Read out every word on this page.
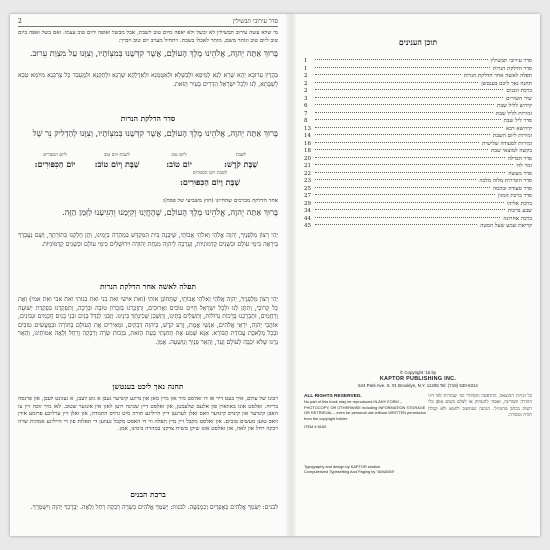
2	סדר עירובי תבשילין
מי שלא עשה עירוב תבשילין לא יבשל ולא יאפה מיום טוב לשבת, אבל מבשל ואופה ליום טוב עצמו. ואם בשל ואפה ביום טוב ליום טוב ונותר משם, מותר לאכלו בשבת. ויתחיל מערב יום טוב ויברך:
בָּרוּךְ אַתָּה יְהוָה, אֱלֹהֵינוּ מֶלֶךְ הָעוֹלָם, אֲשֶׁר קִדְּשָׁנוּ בְּמִצְוֹתָיו, וְצִוָּנוּ עַל מִצְוַת עֵרוּב.
בַּהֲדֵין עֵרוּבָא יְהֵא שָׁרֵא לַנָא לְמֵיפֵא וּלְבַשָּׁלָא וּלְאַטְמָנָא וּלְאַדְלָקָא שְׁרָגָא וּלְתַקָּנָא וּלְמֶעְבַּד כָּל צָרְכָּנָא מִיּוֹמָא טָבָא לְשַׁבְּתָא, לָנוּ וּלְכָל יִשְׂרָאֵל הַדָּרִים בָּעִיר הַזֹּאת.
סדר הדלקת הנרות
בָּרוּךְ אַתָּה יְהוָה, אֱלֹהֵינוּ מֶלֶךְ הָעוֹלָם, אֲשֶׁר קִדְּשָׁנוּ בְּמִצְוֹתָיו, וְצִוָּנוּ לְהַדְלִיק נֵר שֶׁל
לשבת
ליום טוב
לשבת ויום טוב
ליום הכפורים
שַׁבָּת קֹדֶשׁ:
יוֹם טוֹב:
שַׁבָּת וְיוֹם טוֹב:
יוֹם הַכִּפּוּרִים:
לשבת ויום הכפורים
שַׁבָּת וְיוֹם הַכִּפּוּרִים:
אחר הדלקה מברכים שהחיינו (חוץ משביעי של פסח):
בָּרוּךְ אַתָּה יְהוָה, אֱלֹהֵינוּ מֶלֶךְ הָעוֹלָם, שֶׁהֶחֱיָנוּ וְקִיְּמָנוּ וְהִגִּיעָנוּ לַזְּמַן הַזֶּה.
יְהִי רָצוֹן מִלְּפָנֶיךָ, יְהוָה אֱלֹהַי וֵאלֹהֵי אֲבוֹתַי, שֶׁיִּבָּנֶה בֵּית הַמִּקְדָּשׁ בִּמְהֵרָה בְיָמֵינוּ, וְתֵן חֶלְקֵנוּ בְּתוֹרָתֶךָ, וְשָׁם נַעֲבָדְךָ בְּיִרְאָה כִּימֵי עוֹלָם וּכְשָׁנִים קַדְמוֹנִיּוֹת, וְעָרְבָה לַיהוָה מִנְחַת יְהוּדָה וִירוּשָׁלָיִם כִּימֵי עוֹלָם וּכְשָׁנִים קַדְמוֹנִיּוֹת.
תפלה לאשה אחר הדלקת הנרות
יְהִי רָצוֹן מִלְּפָנֶיךָ, יְהוָה אֱלֹהַי וֵאלֹהֵי אֲבוֹתַי, שֶׁתְּחוֹנֵן אוֹתִי (ואת אישי ואת בני ואת בנותי ואת אבי ואת אמי) וְאֶת כָּל קְרוֹבַי, וְתִתֶּן לָנוּ וּלְכָל יִשְׂרָאֵל חַיִּים טוֹבִים וַאֲרוּכִים, וְתִזְכְּרֵנוּ בְּזִכְרוֹן טוֹבָה וּבְרָכָה, וְתִפְקְדֵנוּ בִּפְקֻדַּת יְשׁוּעָה וְרַחֲמִים, וּתְבָרְכֵנוּ בְּרָכוֹת גְּדוֹלוֹת, וְתַשְׁלִים בָּתֵּינוּ, וְתַשְׁכֵּן שְׁכִינָתְךָ בֵּינֵינוּ. וְזַכֵּנִי לְגַדֵּל בָּנִים וּבְנֵי בָנִים חֲכָמִים וּנְבוֹנִים, אוֹהֲבֵי יְהוָה, יִרְאֵי אֱלֹהִים, אַנְשֵׁי אֱמֶת, זֶרַע קֹדֶשׁ, בַּיהוָה דְּבֵקִים, וּמְאִירִים אֶת הָעוֹלָם בַּתּוֹרָה וּבְמַעֲשִׂים טוֹבִים וּבְכָל מְלֶאכֶת עֲבוֹדַת הַבּוֹרֵא. אָנָּא שְׁמַע אֶת תְּחִנָּתִי בָּעֵת הַזֹּאת, בִּזְכוּת שָׂרָה וְרִבְקָה וְרָחֵל וְלֵאָה אִמּוֹתֵינוּ, וְהָאֵר נֵרֵנוּ שֶׁלֹּא יִכְבֶּה לְעוֹלָם וָעֶד, וְהָאֵר פָּנֶיךָ וְנִוָּשֵׁעָה. אָמֵן.
תחנה נאך ליכט בענטשן
רבונו של עולם, איך בעט דיר אז דו זאלסט מיר און מיין מאן און מיינע קינדער געבן א גוט לעבן, א געזונט לעבן, און פרנסה בריוח. זאלסט אונז באווארן פון אלעם שלעכטן, און זאלסט דיין שכינה רוען לאזן אין אונזער שטוב. לאז מיך זוכה זיין צו האבן קינדער און קינדס קינדער וואס זאלן לערנען דיין הייליגע תורה מיט גרויס התמדה, און זאלן זיין ערליכע פרומע אידן וואס טוען מעשים טובים. און זאלסט מקבל זיין מיין תפלה ווי דו האסט מקבל געווען די תפלות פון די הייליגע אמהות שרה רבקה רחל און לאה, און זאלסט אונז שיקן משיח צדקנו במהרה בימינו, אמן.
ברכת הבנים
לבנים: יְשִׂמְךָ אֱלֹהִים כְּאֶפְרַיִם וְכִמְנַשֶּׁה. לבנות: יְשִׂמֵךְ אֱלֹהִים כְּשָׂרָה רִבְקָה רָחֵל וְלֵאָה. יְבָרֶכְךָ יְהוָה וְיִשְׁמְרֶךָ.
תוכן הענינים
סדר עירובי תבשילין
1
סדר הדלקת הנרות
1
תפלה לאשה אחר הדלקת הנרות
2
תחנה נאך ליכט בענטשן
2
ברכת הבנים
2
שיר השירים
3
קידוש לליל שבת
6
זמירות לליל שבת
7
סדר ליל שבת
8
קידושא רבא
13
זמירות ליום השבת
14
זמירות לסעודה שלישית
16
בקשה למוצאי שבת
18
סדר הבדלה
20
זמר לה׳
21
סדר מעשה
22
סדר הזמירות מלוה מלכה
23
סדר סעודה ובהמה
25
סדר ברכת המזון
27
ברכת אליהו
29
שבע ברכות
34
ברכה אחרונה
44
קריאת שמע שעל המטה
45
© Copyright ’16 by
KAPTOR PUBLISHING INC.
544 Park Ave. S. #1 Brooklyn, N.Y. 11205 Tel: (718) 530-5314
כל זכויות ההוצאה, ההדפסה והסידור וכו׳ שמורות לפי דיני התורה והמדינה, ואסור להעתיק או לצלם בשום אופן בלי רשות בכתב מהמו״ל. הנהגה שנחשוב לחטא ולא קבלת תורה ומסורה.
ALL RIGHTS RESERVED.
No part of this book may be reproduced IN ANY FORM – PHOTOCOPY, OR OTHERWISE including INFORMATION STORAGE OR RETRIEVAL – even for personal use without WRITTEN permission from the copyright holder.
ITEM # 8160
Typography and design by KAPTOR studios
Computerized Typesetting And Paging by "AMUDIM"
